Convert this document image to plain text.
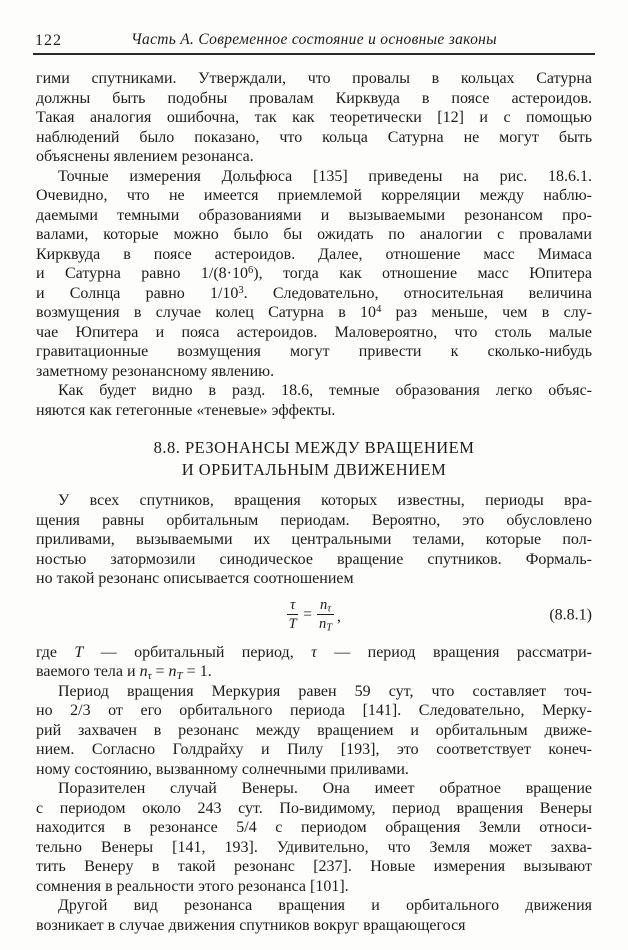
122	Часть А. Современное состояние и основные законы
гими спутниками. Утверждали, что провалы в кольцах Сатурна
должны быть подобны провалам Кирквуда в поясе астероидов.
Такая аналогия ошибочна, так как теоретически [12] и с помощью
наблюдений было показано, что кольца Сатурна не могут быть
объяснены явлением резонанса.
Точные измерения Дольфюса [135] приведены на рис. 18.6.1.
Очевидно, что не имеется приемлемой корреляции между наблю-
даемыми темными образованиями и вызываемыми резонансом про-
валами, которые можно было бы ожидать по аналогии с провалами
Кирквуда в поясе астероидов. Далее, отношение масс Мимаса
и Сатурна равно $1/(8\cdot 10^6)$, тогда как отношение масс Юпитера
и Солнца равно $1/10^3$. Следовательно, относительная величина
возмущения в случае колец Сатурна в $10^4$ раз меньше, чем в слу-
чае Юпитера и пояса астероидов. Маловероятно, что столь малые
гравитационные возмущения могут привести к сколько-нибудь
заметному резонансному явлению.
Как будет видно в разд. 18.6, темные образования легко объяс-
няются как гетегонные «теневые» эффекты.
8.8. РЕЗОНАНСЫ МЕЖДУ ВРАЩЕНИЕМ
И ОРБИТАЛЬНЫМ ДВИЖЕНИЕМ
У всех спутников, вращения которых известны, периоды вра-
щения равны орбитальным периодам. Вероятно, это обусловлено
приливами, вызываемыми их центральными телами, которые пол-
ностью затормозили синодическое вращение спутников. Формаль-
но такой резонанс описывается соотношением
$\frac{\tau}{T} = \frac{n\tau}{nT}$ ,	(8.8.1)
где T — орбитальный период, τ — период вращения рассматри-
ваемого тела и $n_\tau = n_T = 1$.
Период вращения Меркурия равен 59 сут, что составляет точ-
но 2/3 от его орбитального периода [141]. Следовательно, Мерку-
рий захвачен в резонанс между вращением и орбитальным движе-
нием. Согласно Голдрайху и Пилу [193], это соответствует конеч-
ному состоянию, вызванному солнечными приливами.
Поразителен случай Венеры. Она имеет обратное вращение
с периодом около 243 сут. По-видимому, период вращения Венеры
находится в резонансе 5/4 с периодом обращения Земли относи-
тельно Венеры [141, 193]. Удивительно, что Земля может захва-
тить Венеру в такой резонанс [237]. Новые измерения вызывают
сомнения в реальности этого резонанса [101].
Другой вид резонанса вращения и орбитального движения
возникает в случае движения спутников вокруг вращающегося
